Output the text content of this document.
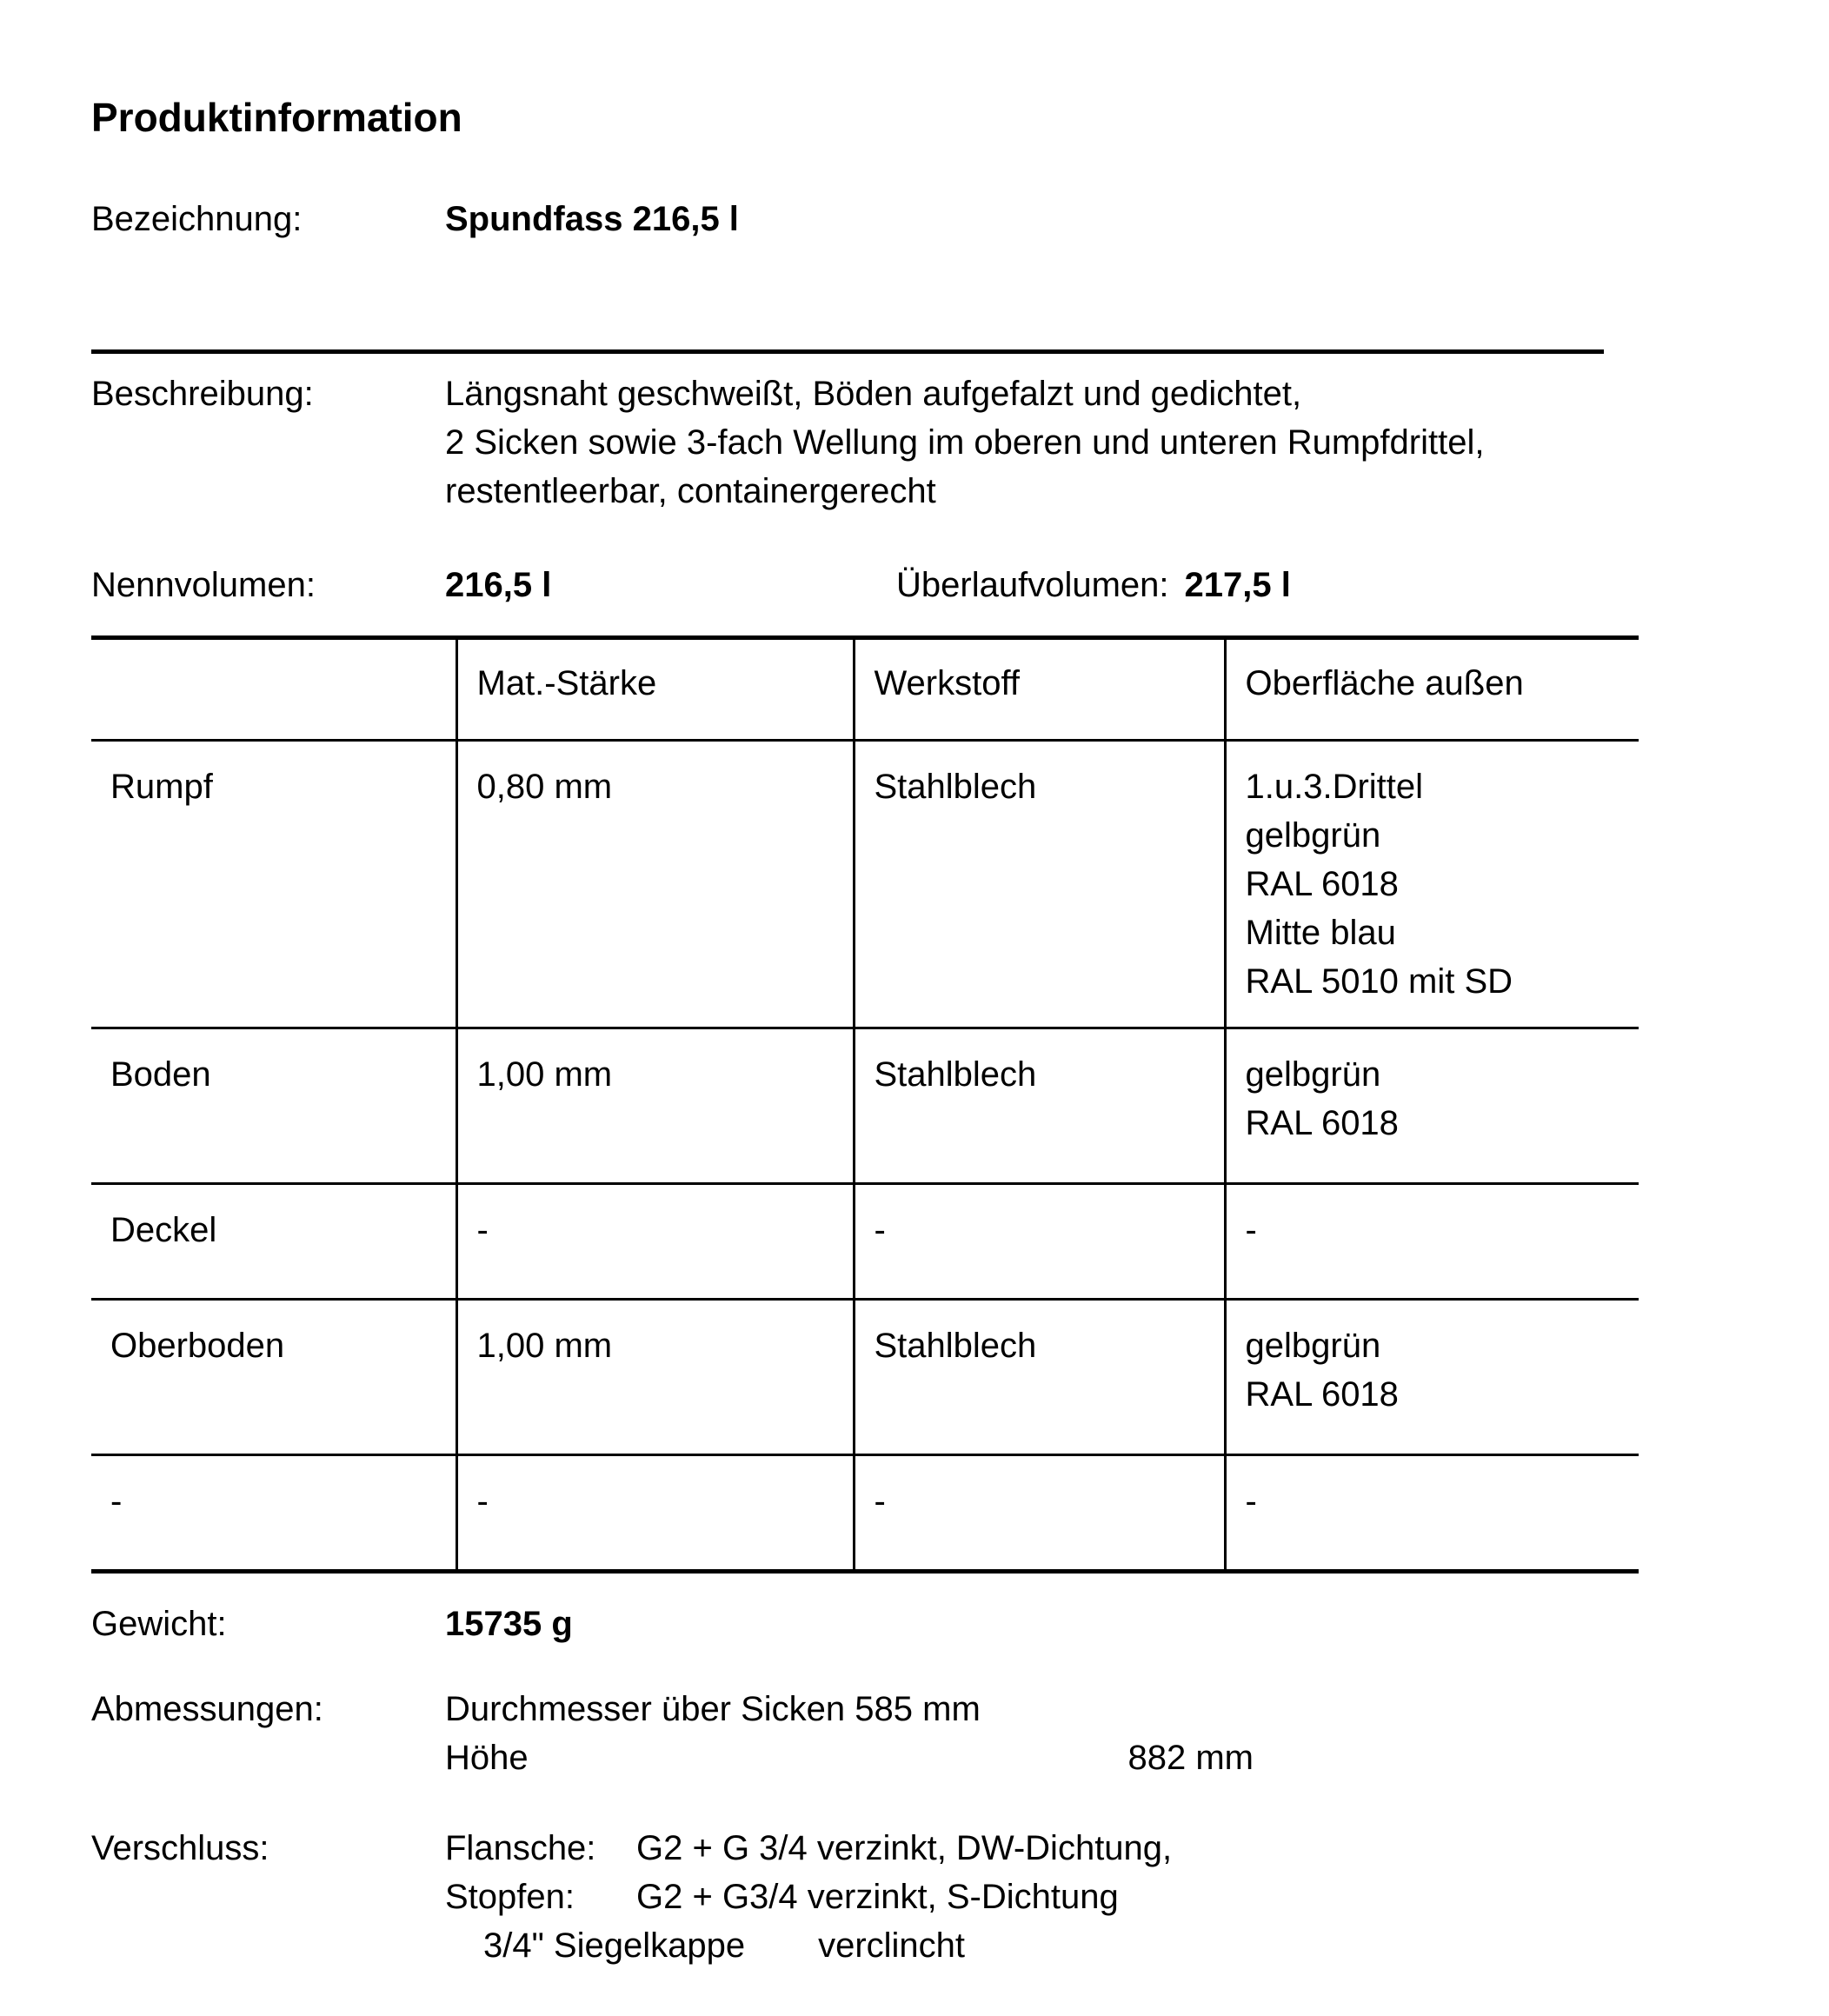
Produktinformation
Bezeichnung:	Spundfass 216,5 l
Beschreibung:	Längsnaht geschweißt, Böden aufgefalzt und gedichtet,
2 Sicken sowie 3-fach Wellung im oberen und unteren Rumpfdrittel,
restentleerbar, containergerecht
Nennvolumen:	216,5 l	Überlaufvolumen: 217,5 l
	Mat.-Stärke	Werkstoff	Oberfläche außen
Rumpf	0,80 mm	Stahlblech	1.u.3.Drittel
gelbgrün
RAL 6018
Mitte blau
RAL 5010 mit SD

Boden	1,00 mm	Stahlblech	gelbgrün
RAL 6018

Deckel	-	-	-

Oberboden	1,00 mm	Stahlblech	gelbgrün
RAL 6018

-	-	-	-
Gewicht:	15735 g
Abmessungen:	Durchmesser über Sicken 585 mm
Höhe	882 mm
Verschluss:	Flansche:	G2 + G 3/4 verzinkt, DW-Dichtung,
Stopfen:	G2 + G3/4 verzinkt, S-Dichtung
3/4" Siegelkappe verclincht
